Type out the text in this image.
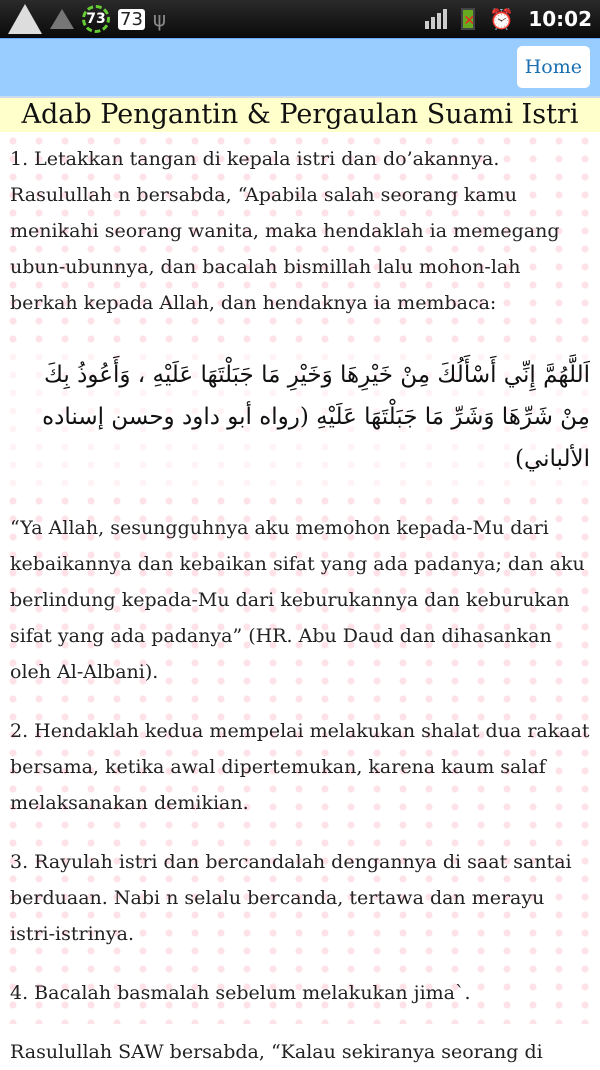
73 73 ψ	✕ ⏰ 10:02
Home
Adab Pengantin & Pergaulan Suami Istri

1. Letakkan tangan di kepala istri dan do’akannya. Rasulullah n bersabda, “Apabila salah seorang kamu menikahi seorang wanita, maka hendaklah ia memegang ubun-ubunnya, dan bacalah bismillah lalu mohon-lah berkah kepada Allah, dan hendaknya ia membaca:

اَللَّهُمَّ إِنِّي أَسْأَلُكَ مِنْ خَيْرِهَا وَخَيْرِ مَا جَبَلْتَهَا عَلَيْهِ ، وَأَعُوذُ بِكَ مِنْ شَرِّهَا وَشَرِّ مَا جَبَلْتَهَا عَلَيْهِ (رواه أبو داود وحسن إسناده الألباني)

“Ya Allah, sesungguhnya aku memohon kepada-Mu dari kebaikannya dan kebaikan sifat yang ada padanya; dan aku berlindung kepada-Mu dari keburukannya dan keburukan sifat yang ada padanya” (HR. Abu Daud dan dihasankan oleh Al-Albani).

2. Hendaklah kedua mempelai melakukan shalat dua rakaat bersama, ketika awal dipertemukan, karena kaum salaf melaksanakan demikian.

3. Rayulah istri dan bercandalah dengannya di saat santai berduaan. Nabi n selalu bercanda, tertawa dan merayu istri-istrinya.

4. Bacalah basmalah sebelum melakukan jima`.

Rasulullah SAW bersabda, “Kalau sekiranya seorang di
